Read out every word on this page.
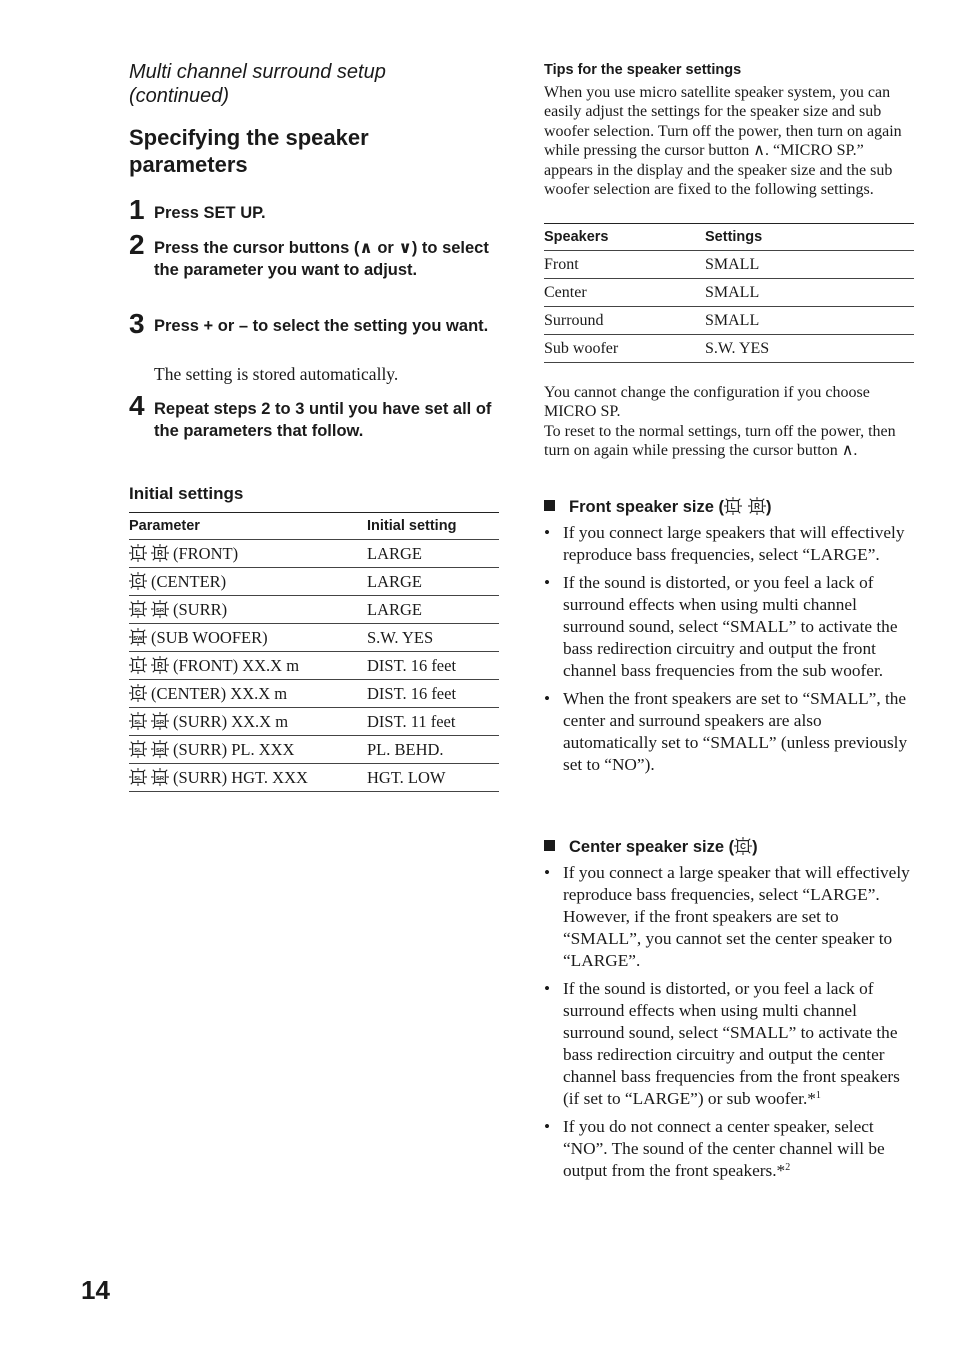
Multi channel surround setup
(continued)
Specifying the speaker
parameters
1 Press SET UP.
2 Press the cursor buttons (∧ or ∨) to select the parameter you want to adjust.
3 Press + or – to select the setting you want.
The setting is stored automatically.
4 Repeat steps 2 to 3 until you have set all of the parameters that follow.
Initial settings
Parameter	Initial setting

L R (FRONT)	LARGE

C (CENTER)	LARGE

SL SR (SURR)	LARGE

SW (SUB WOOFER)	S.W. YES

L R (FRONT) XX.X m	DIST. 16 feet

C (CENTER) XX.X m	DIST. 16 feet

SL SR (SURR) XX.X m	DIST. 11 feet

SL SR (SURR) PL. XXX	PL. BEHD.

SL SR (SURR) HGT. XXX	HGT. LOW
Tips for the speaker settings
When you use micro satellite speaker system, you can easily adjust the settings for the speaker size and sub woofer selection. Turn off the power, then turn on again while pressing the cursor button ∧. “MICRO SP.” appears in the display and the speaker size and the sub woofer selection are fixed to the following settings.
Speakers	Settings
Front	SMALL
Center	SMALL
Surround	SMALL
Sub woofer	S.W. YES
You cannot change the configuration if you choose MICRO SP.
To reset to the normal settings, turn off the power, then turn on again while pressing the cursor button ∧.
Front speaker size ( L R )
• If you connect large speakers that will effectively reproduce bass frequencies, select “LARGE”.
• If the sound is distorted, or you feel a lack of surround effects when using multi channel surround sound, select “SMALL” to activate the bass redirection circuitry and output the front channel bass frequencies from the sub woofer.
• When the front speakers are set to “SMALL”, the center and surround speakers are also automatically set to “SMALL” (unless previously set to “NO”).
Center speaker size ( C )
• If you connect a large speaker that will effectively reproduce bass frequencies, select “LARGE”. However, if the front speakers are set to “SMALL”, you cannot set the center speaker to “LARGE”.
• If the sound is distorted, or you feel a lack of surround effects when using multi channel surround sound, select “SMALL” to activate the bass redirection circuitry and output the center channel bass frequencies from the front speakers (if set to “LARGE”) or sub woofer.*$^1$
• If you do not connect a center speaker, select “NO”. The sound of the center channel will be output from the front speakers.*$^2$
14
